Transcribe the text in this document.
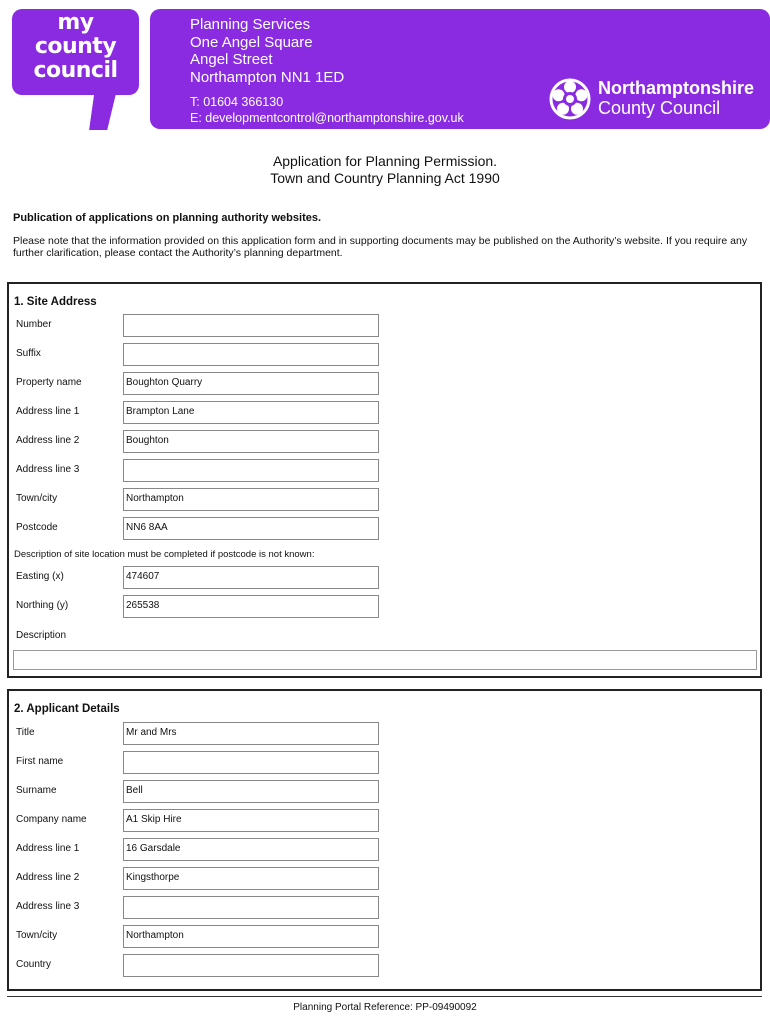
my
county
council
Planning Services
One Angel Square
Angel Street
Northampton NN1 1ED
T: 01604 366130
E: developmentcontrol@northamptonshire.gov.uk
Northamptonshire
County Council
Application for Planning Permission.
Town and Country Planning Act 1990
Publication of applications on planning authority websites.
Please note that the information provided on this application form and in supporting documents may be published on the Authority’s website. If you require any further clarification, please contact the Authority’s planning department.
1. Site Address
Number
Suffix
Property name	Boughton Quarry
Address line 1	Brampton Lane
Address line 2	Boughton
Address line 3
Town/city	Northampton
Postcode	NN6 8AA
Description of site location must be completed if postcode is not known:
Easting (x)	474607
Northing (y)	265538
Description
2. Applicant Details
Title	Mr and Mrs
First name
Surname	Bell
Company name	A1 Skip Hire
Address line 1	16 Garsdale
Address line 2	Kingsthorpe
Address line 3
Town/city	Northampton
Country
Planning Portal Reference: PP-09490092
